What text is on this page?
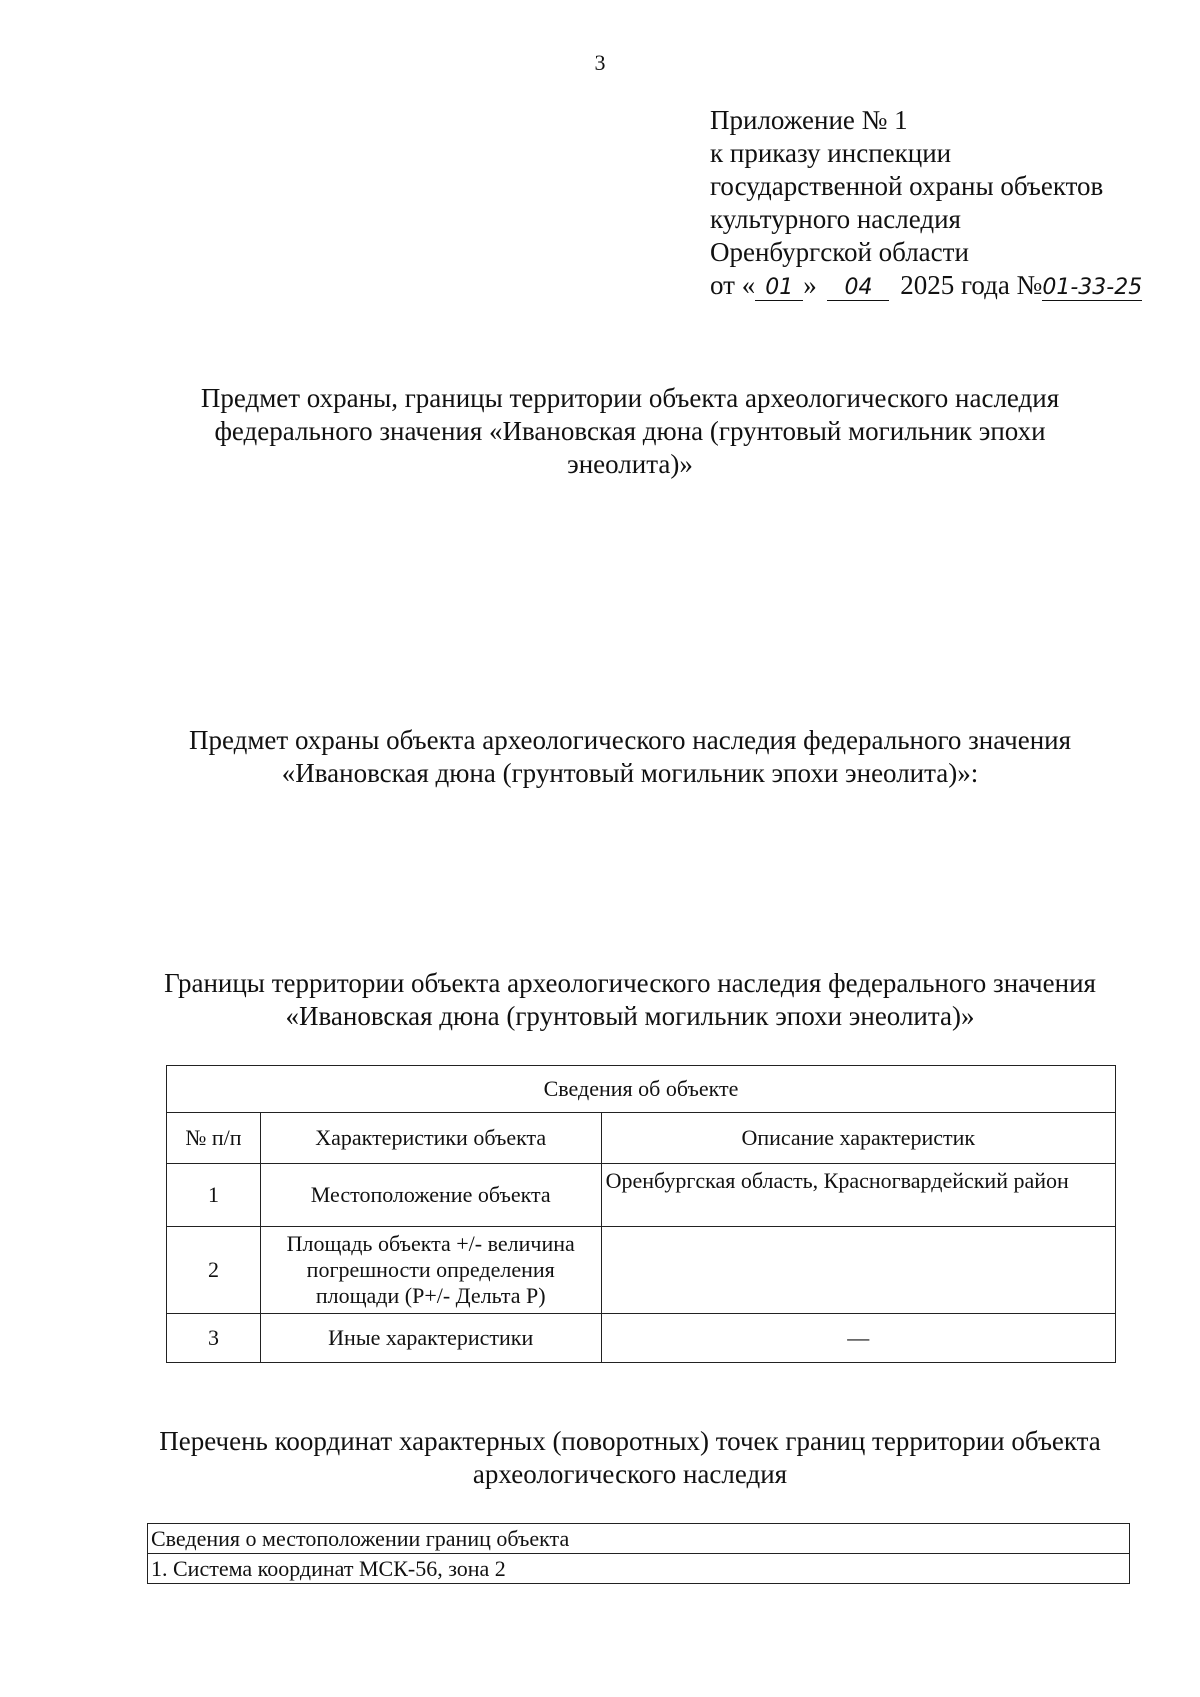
3
Приложение № 1
к приказу инспекции
государственной охраны объектов
культурного наследия
Оренбургской области
от « 01 » 04 2025 года №01-33-25
Предмет охраны, границы территории объекта археологического наследия федерального значения «Ивановская дюна (грунтовый могильник эпохи энеолита)»
Предмет охраны объекта археологического наследия федерального значения «Ивановская дюна (грунтовый могильник эпохи энеолита)»:
Границы территории объекта археологического наследия федерального значения «Ивановская дюна (грунтовый могильник эпохи энеолита)»
Сведения об объекте		
№ п/п	Характеристики объекта	Описание характеристик
1	Местоположение объекта	Оренбургская область, Красногвардейский район
2	Площадь объекта +/- величина погрешности определения площади (Р+/- Дельта Р)	
3	Иные характеристики	—
Перечень координат характерных (поворотных) точек границ территории объекта археологического наследия
Сведения о местоположении границ объекта
1. Система координат МСК-56, зона 2
